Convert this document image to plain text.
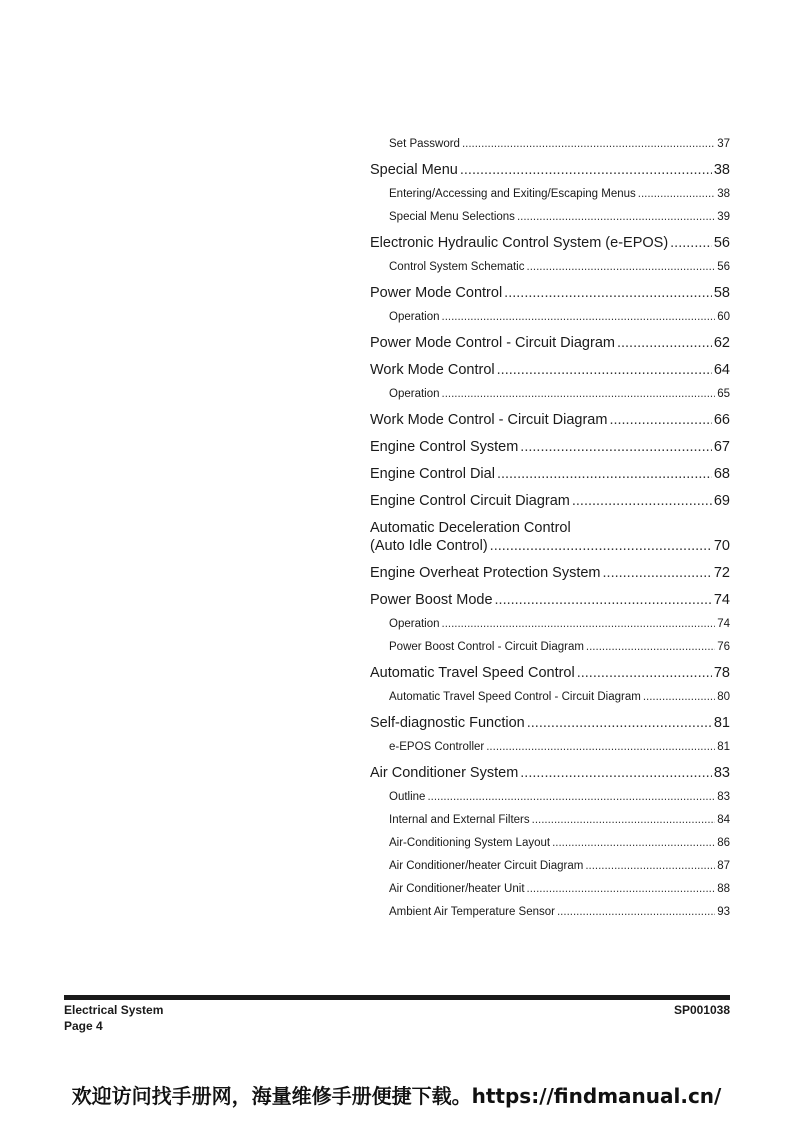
Set Password .....	37
Special Menu .....	38
Entering/Accessing and Exiting/Escaping Menus .....	38
Special Menu Selections .....	39
Electronic Hydraulic Control System (e-EPOS) .....	56
Control System Schematic .....	56
Power Mode Control .....	58
Operation .....	60
Power Mode Control - Circuit Diagram .....	62
Work Mode Control .....	64
Operation .....	65
Work Mode Control - Circuit Diagram .....	66
Engine Control System .....	67
Engine Control Dial .....	68
Engine Control Circuit Diagram .....	69
Automatic Deceleration Control
(Auto Idle Control) .....	70
Engine Overheat Protection System .....	72
Power Boost Mode .....	74
Operation .....	74
Power Boost Control - Circuit Diagram .....	76
Automatic Travel Speed Control .....	78
Automatic Travel Speed Control - Circuit Diagram .....	80
Self-diagnostic Function .....	81
e-EPOS Controller .....	81
Air Conditioner System .....	83
Outline .....	83
Internal and External Filters .....	84
Air-Conditioning System Layout .....	86
Air Conditioner/heater Circuit Diagram .....	87
Air Conditioner/heater Unit .....	88
Ambient Air Temperature Sensor .....	93
Electrical System
Page 4
SP001038
欢迎访问找手册网，海量维修手册便捷下载。https://findmanual.cn/
